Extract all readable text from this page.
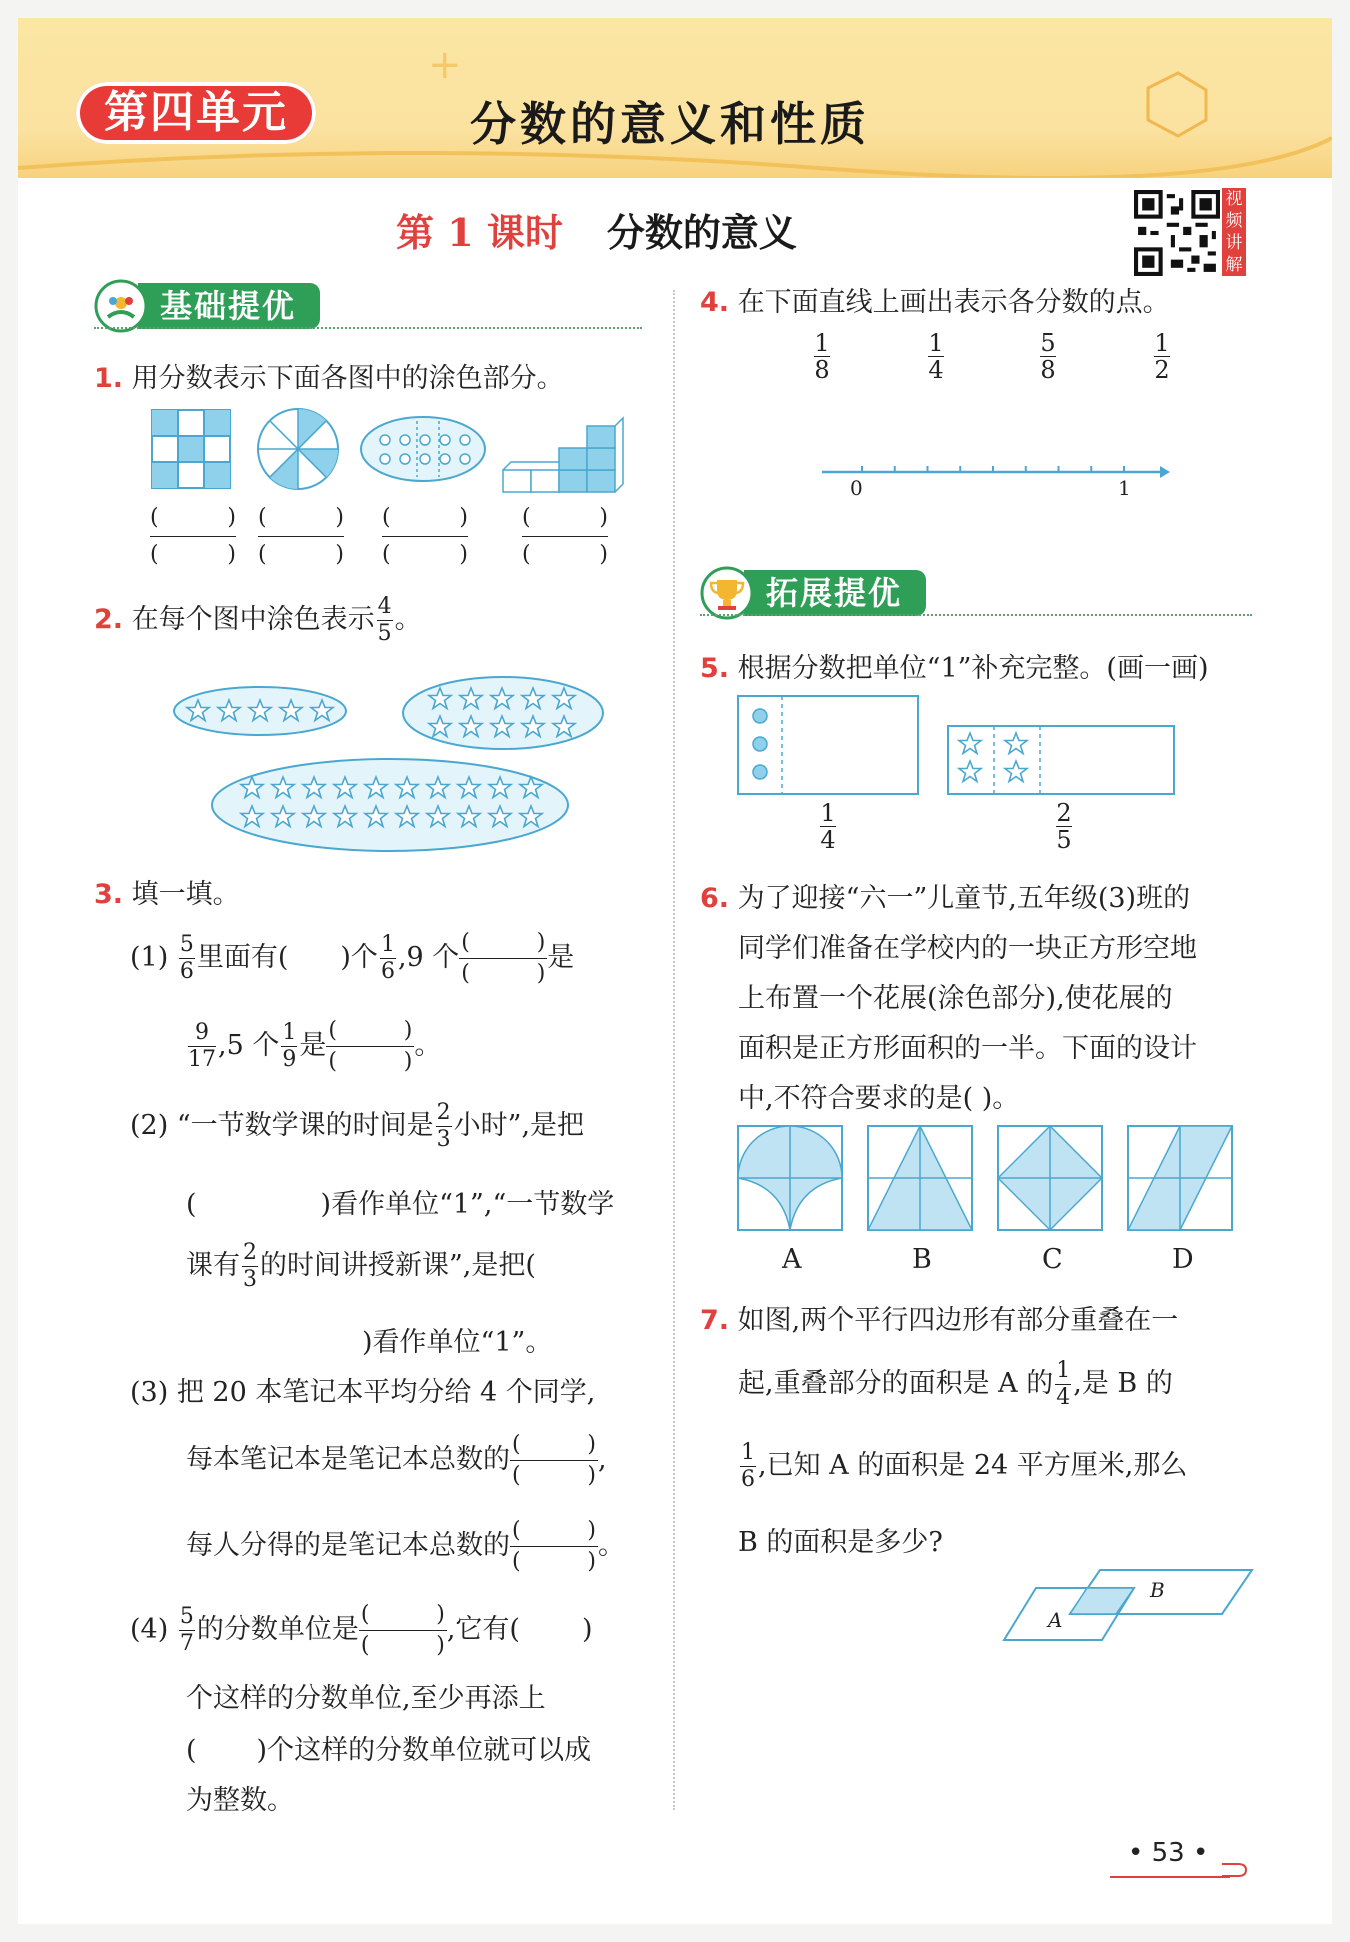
+
第四单元	分数的意义和性质
第 1 课时 分数的意义
视频讲解
基础提优
1. 用分数表示下面各图中的涂色部分。
(	)
(	)
(	)
(	)
(	)
(	)
(	)
(	)
2. 在每个图中涂色表示 $\frac{4}{5}$ 。
3. 填一填。
$(1) \frac{5}{6}$ 里面有( )个 $\frac{1}{6} ,9$ 个 (	)
(	)
是
$\frac{9}{17} ,5$ 个 $\frac{1}{9}$ 是 (	)
(	)
。
(2) “一节数学课的时间是 $\frac{2}{3}$ 小时”,是把
(	)看作单位“1”,“一节数学
课有 $\frac{2}{3}$ 的时间讲授新课”,是把(
)看作单位“1”。
(3) 把 20 本笔记本平均分给 4 个同学,
每本笔记本是笔记本总数的 (	)
(	)
,
每人分得的是笔记本总数的 (	)
(	)
。
$(4) \frac{5}{7}$ 的分数单位是 (	)
(	)
,它有( )
个这样的分数单位,至少再添上
( )个这样的分数单位就可以成
为整数。
4. 在下面直线上画出表示各分数的点。
$\frac{1}{8}$	$\frac{1}{4}$	$\frac{5}{8}$	$\frac{1}{2}$
0	1
拓展提优
5. 根据分数把单位“1”补充完整。(画一画)
$\frac{1}{4}$	$\frac{2}{5}$
6. 为了迎接“六一”儿童节,五年级(3)班的
同学们准备在学校内的一块正方形空地
上布置一个花展(涂色部分),使花展的
面积是正方形面积的一半。下面的设计
中,不符合要求的是( )。
A	B	C	D
7. 如图,两个平行四边形有部分重叠在一
起,重叠部分的面积是 A 的 $\frac{1}{4}$ ,是 B 的
$\frac{1}{6}$ ,已知 A 的面积是 24 平方厘米,那么
B 的面积是多少?
A
B
• 53 •
